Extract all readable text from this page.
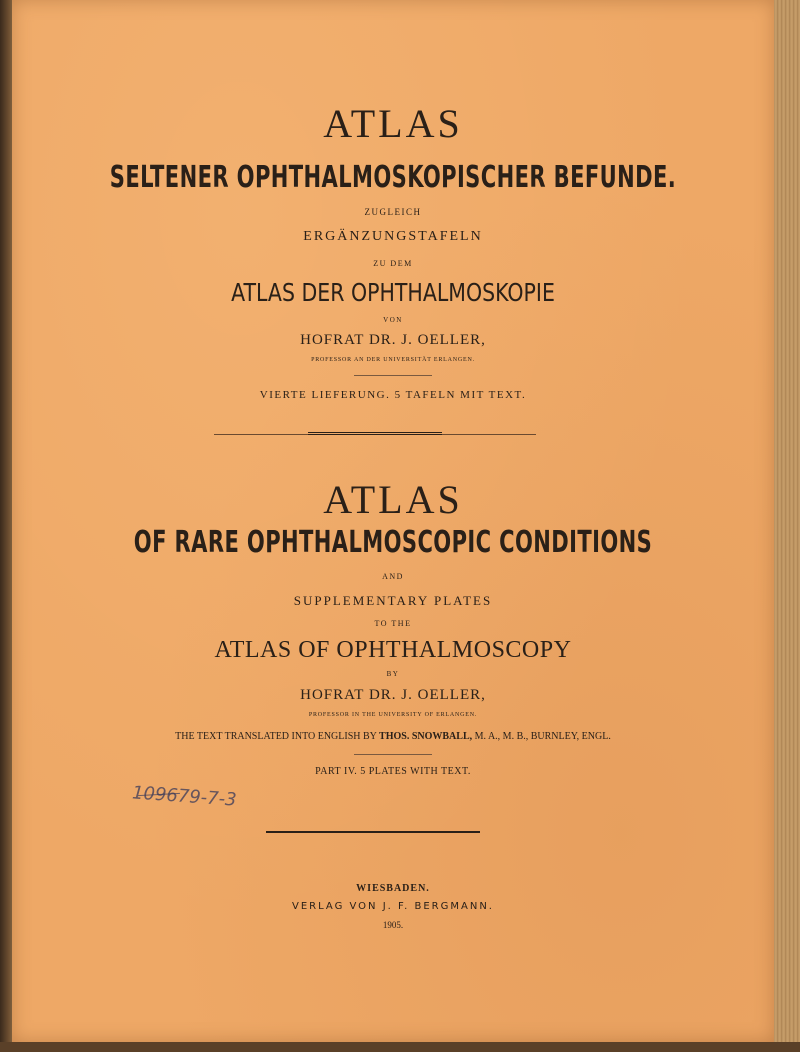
ATLAS
SELTENER OPHTHALMOSKOPISCHER BEFUNDE.
ZUGLEICH
ERGÄNZUNGSTAFELN
ZU DEM
ATLAS DER OPHTHALMOSKOPIE
VON
HOFRAT DR. J. OELLER,
PROFESSOR AN DER UNIVERSITÄT ERLANGEN.
VIERTE LIEFERUNG. 5 TAFELN MIT TEXT.
ATLAS
OF RARE OPHTHALMOSCOPIC CONDITIONS
AND
SUPPLEMENTARY PLATES
TO THE
ATLAS OF OPHTHALMOSCOPY
BY
HOFRAT DR. J. OELLER,
PROFESSOR IN THE UNIVERSITY OF ERLANGEN.
THE TEXT TRANSLATED INTO ENGLISH BY THOS. SNOWBALL, M. A., M. B., BURNLEY, ENGL.
PART IV. 5 PLATES WITH TEXT.
109679-7-3
WIESBADEN.
VERLAG VON J. F. BERGMANN.
1905.
